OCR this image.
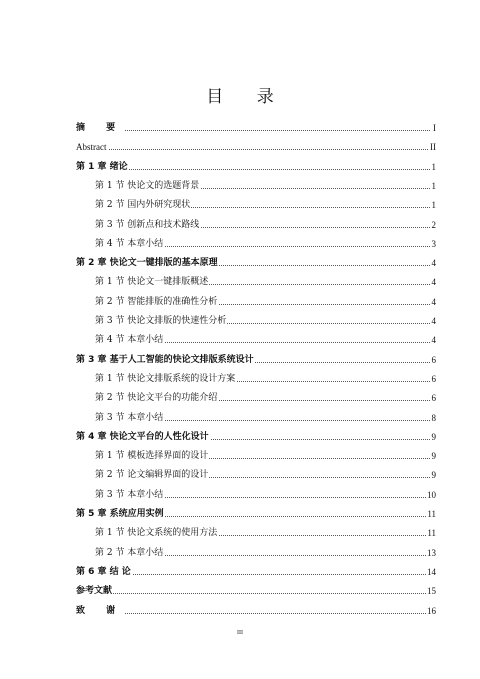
目 录
摘 要	I
Abstract	II
第 1 章 绪论	1
第 1 节 快论文的选题背景	1
第 2 节 国内外研究现状	1
第 3 节 创新点和技术路线	2
第 4 节 本章小结	3
第 2 章 快论文一键排版的基本原理	4
第 1 节 快论文一键排版概述	4
第 2 节 智能排版的准确性分析	4
第 3 节 快论文排版的快速性分析	4
第 4 节 本章小结	4
第 3 章 基于人工智能的快论文排版系统设计	6
第 1 节 快论文排版系统的设计方案	6
第 2 节 快论文平台的功能介绍	6
第 3 节 本章小结	8
第 4 章 快论文平台的人性化设计	9
第 1 节 模板选择界面的设计	9
第 2 节 论文编辑界面的设计	9
第 3 节 本章小结	10
第 5 章 系统应用实例	11
第 1 节 快论文系统的使用方法	11
第 2 节 本章小结	13
第 6 章 结 论	14
参考文献	15
致 谢	16
III
